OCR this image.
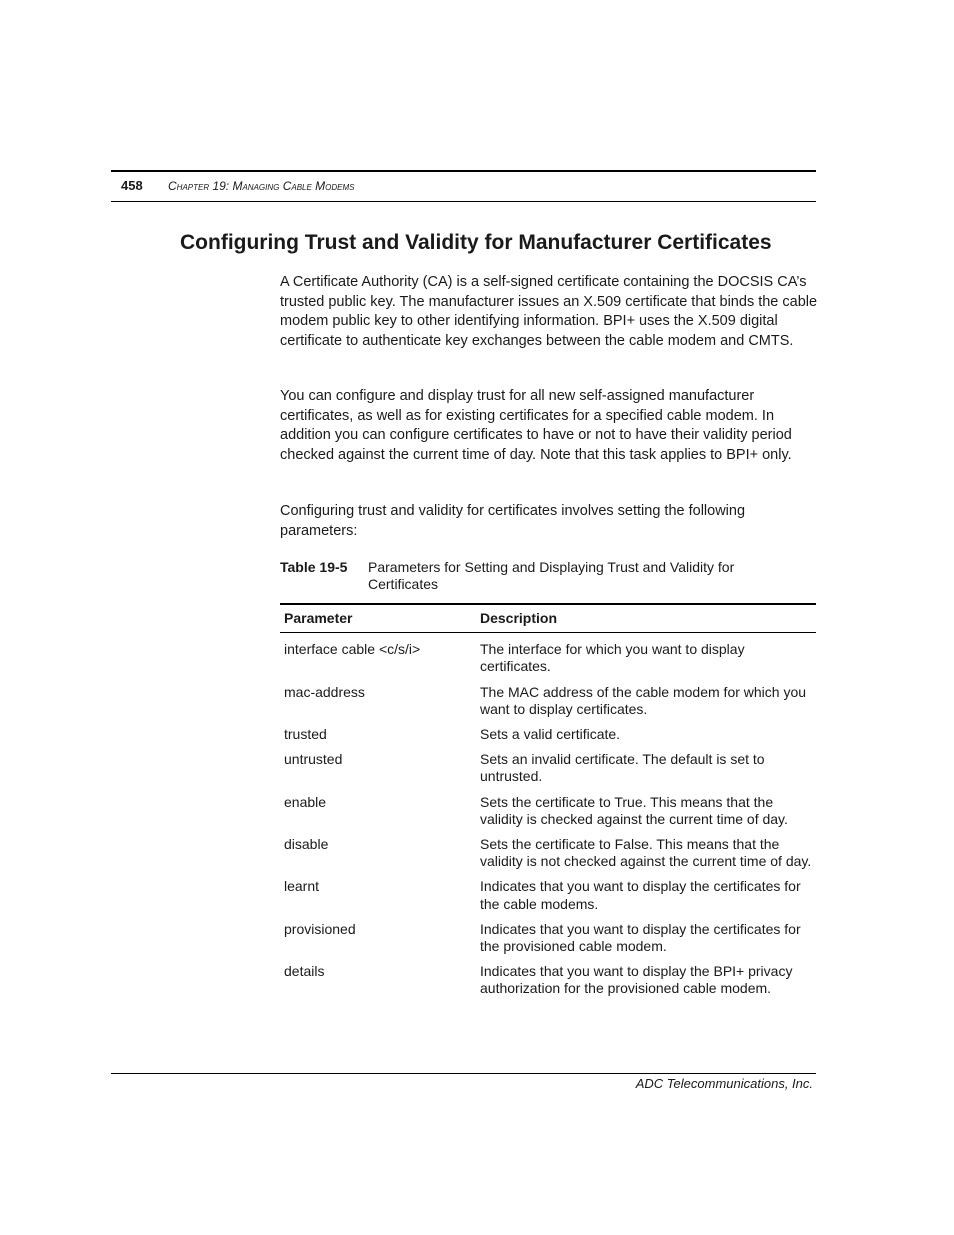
458 Chapter 19: Managing Cable Modems
Configuring Trust and Validity for Manufacturer Certificates

A Certificate Authority (CA) is a self-signed certificate containing the DOCSIS CA’s trusted public key. The manufacturer issues an X.509 certificate that binds the cable modem public key to other identifying information. BPI+ uses the X.509 digital certificate to authenticate key exchanges between the cable modem and CMTS.

You can configure and display trust for all new self-assigned manufacturer certificates, as well as for existing certificates for a specified cable modem. In addition you can configure certificates to have or not to have their validity period checked against the current time of day. Note that this task applies to BPI+ only.

Configuring trust and validity for certificates involves setting the following parameters:

Table 19-5 Parameters for Setting and Displaying Trust and Validity for
Certificates
Parameter	Description
interface cable <c/s/i>	The interface for which you want to display certificates.
mac-address	The MAC address of the cable modem for which you want to display certificates.
trusted	Sets a valid certificate.
untrusted	Sets an invalid certificate. The default is set to untrusted.
enable	Sets the certificate to True. This means that the validity is checked against the current time of day.
disable	Sets the certificate to False. This means that the validity is not checked against the current time of day.
learnt	Indicates that you want to display the certificates for the cable modems.
provisioned	Indicates that you want to display the certificates for the provisioned cable modem.
details	Indicates that you want to display the BPI+ privacy authorization for the provisioned cable modem.
ADC Telecommunications, Inc.
